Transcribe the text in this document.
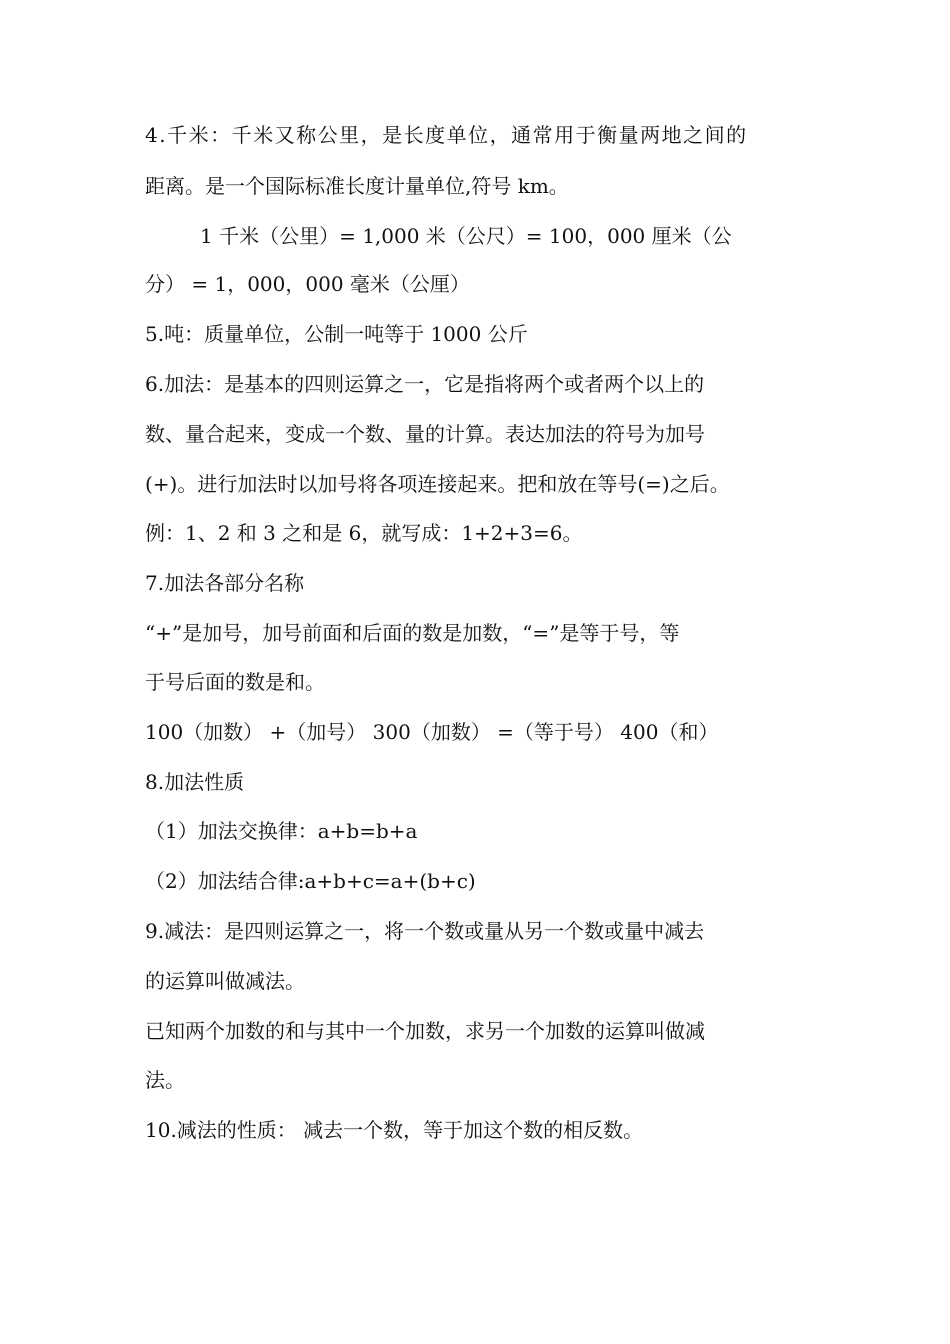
4.千米：千米又称公里，是长度单位，通常用于衡量两地之间的
距离。是一个国际标准长度计量单位,符号 km。
1 千米（公里）= 1,000 米（公尺）= 100，000 厘米（公
分） = 1，000，000 毫米（公厘）
5.吨：质量单位，公制一吨等于 1000 公斤
6.加法：是基本的四则运算之一，它是指将两个或者两个以上的
数、量合起来，变成一个数、量的计算。表达加法的符号为加号
(+)。进行加法时以加号将各项连接起来。把和放在等号(=)之后。
例：1、2 和 3 之和是 6，就写成：1+2+3=6。
7.加法各部分名称
“+”是加号，加号前面和后面的数是加数，“=”是等于号，等
于号后面的数是和。
100（加数） +（加号） 300（加数） =（等于号） 400（和）
8.加法性质
（1）加法交换律：a+b=b+a
（2）加法结合律:a+b+c=a+(b+c)
9.减法：是四则运算之一，将一个数或量从另一个数或量中减去
的运算叫做减法。
已知两个加数的和与其中一个加数，求另一个加数的运算叫做减
法。
10.减法的性质： 减去一个数，等于加这个数的相反数。
